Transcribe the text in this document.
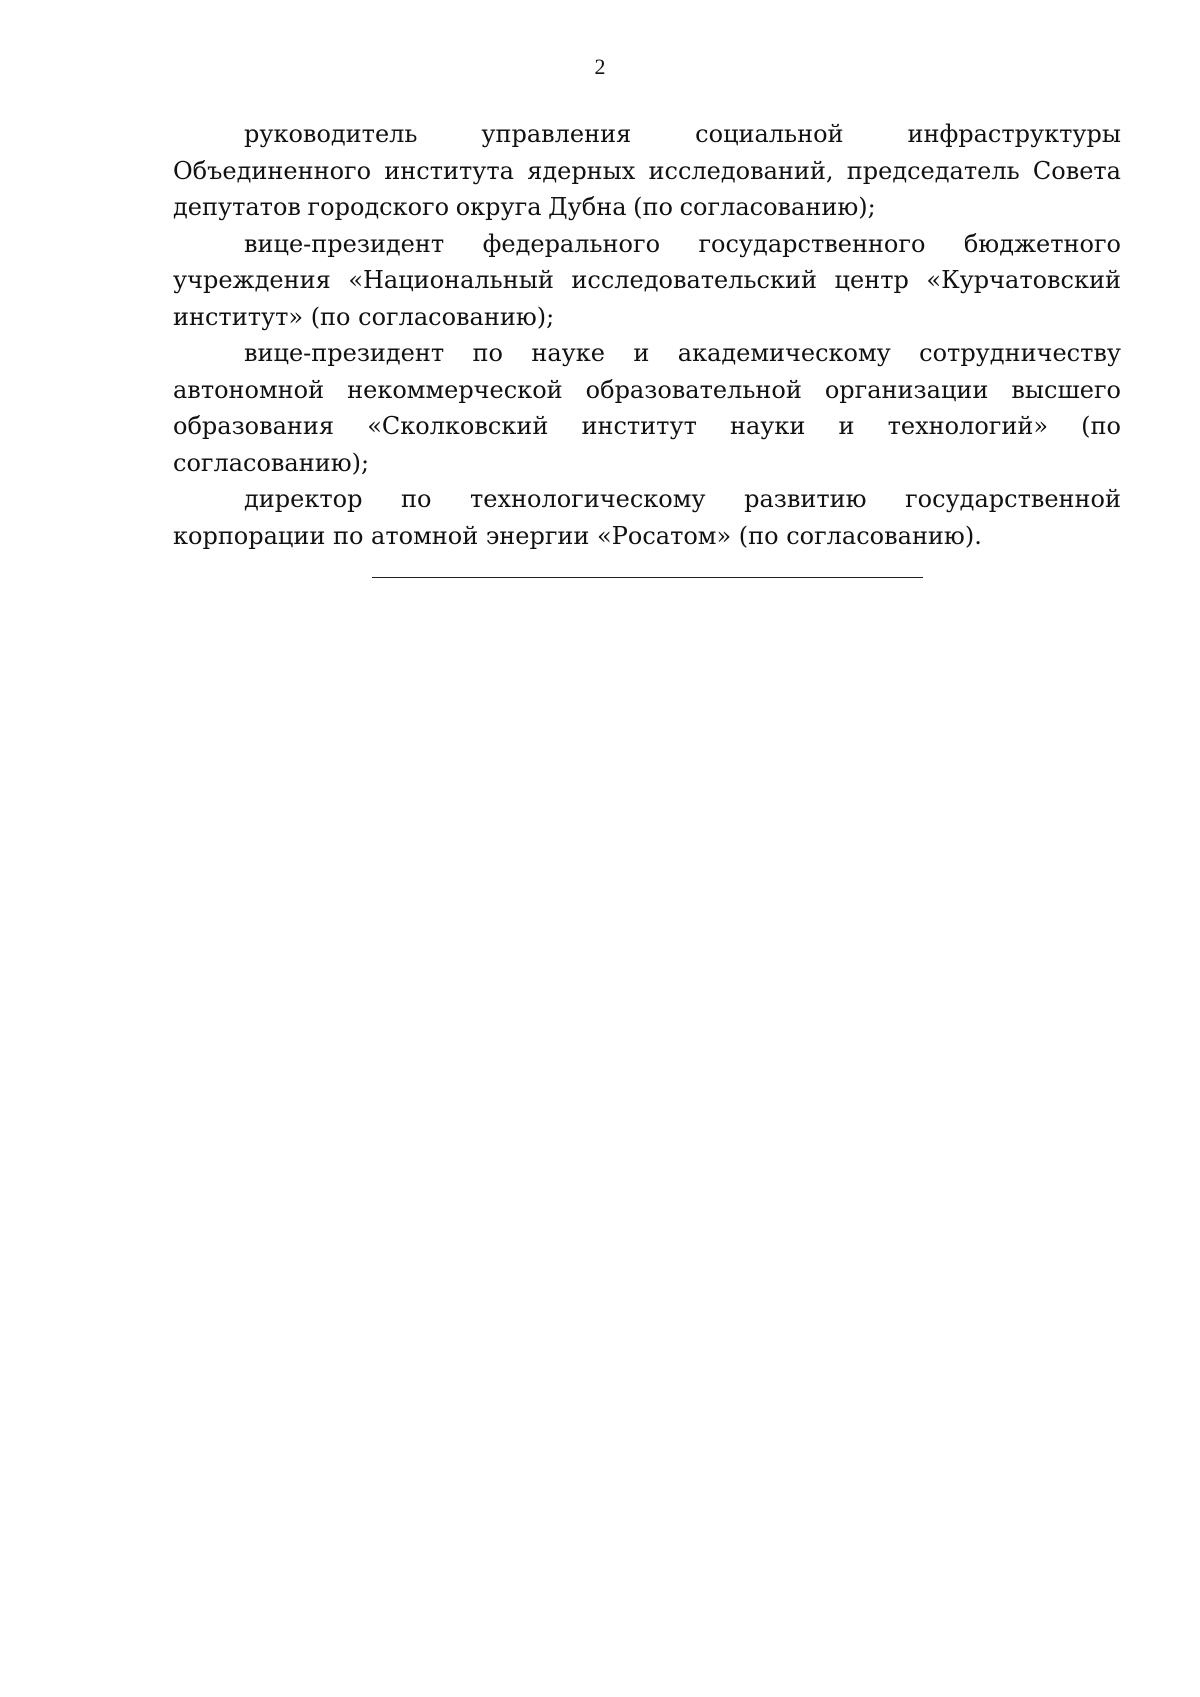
2

руководитель управления социальной инфраструктуры Объединенного института ядерных исследований, председатель Совета депутатов городского округа Дубна (по согласованию);

вице-президент федерального государственного бюджетного учреждения «Национальный исследовательский центр «Курчатовский институт» (по согласованию);

вице-президент по науке и академическому сотрудничеству автономной некоммерческой образовательной организации высшего образования «Сколковский институт науки и технологий» (по согласованию);

директор по технологическому развитию государственной корпорации по атомной энергии «Росатом» (по согласованию).
